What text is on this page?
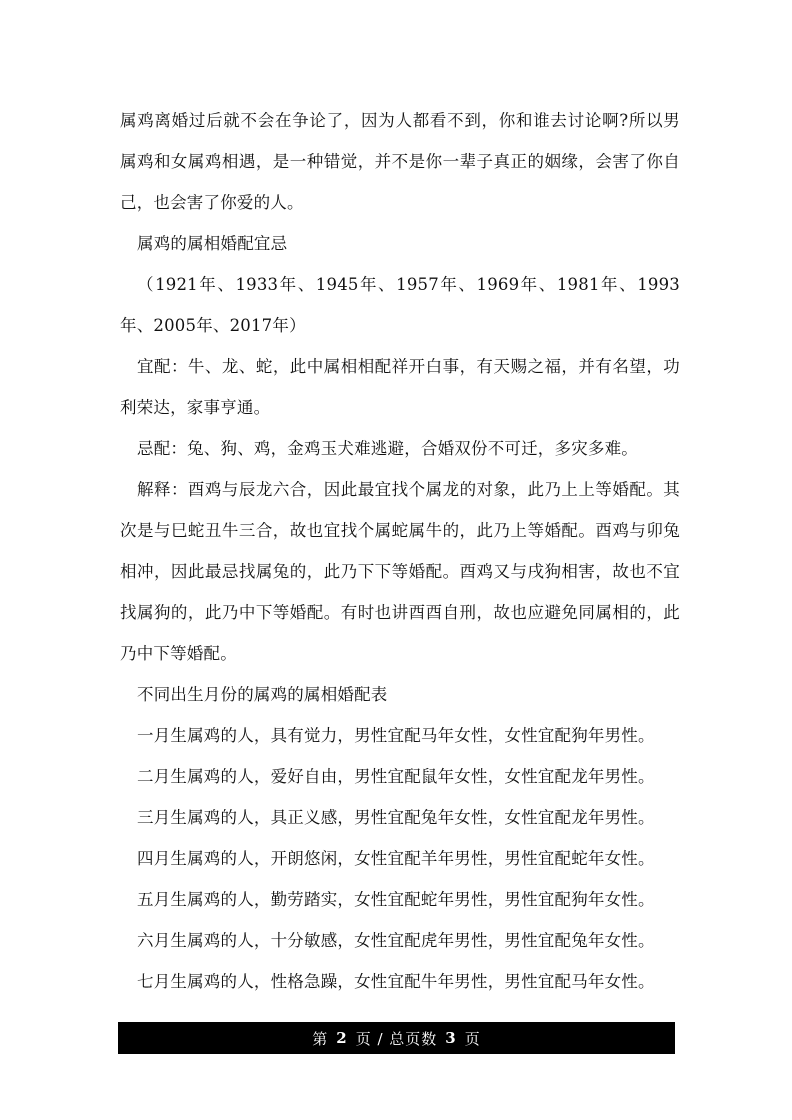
属鸡离婚过后就不会在争论了，因为人都看不到，你和谁去讨论啊?所以男属鸡和女属鸡相遇，是一种错觉，并不是你一辈子真正的姻缘，会害了你自己，也会害了你爱的人。

属鸡的属相婚配宜忌

（1921年、1933年、1945年、1957年、1969年、1981年、1993年、2005年、2017年）

宜配：牛、龙、蛇，此中属相相配祥开白事，有天赐之福，并有名望，功利荣达，家事亨通。

忌配：兔、狗、鸡，金鸡玉犬难逃避，合婚双份不可迁，多灾多难。

解释：酉鸡与辰龙六合，因此最宜找个属龙的对象，此乃上上等婚配。其次是与巳蛇丑牛三合，故也宜找个属蛇属牛的，此乃上等婚配。酉鸡与卯兔相冲，因此最忌找属兔的，此乃下下等婚配。酉鸡又与戌狗相害，故也不宜找属狗的，此乃中下等婚配。有时也讲酉酉自刑，故也应避免同属相的，此乃中下等婚配。

不同出生月份的属鸡的属相婚配表

一月生属鸡的人，具有觉力，男性宜配马年女性，女性宜配狗年男性。

二月生属鸡的人，爱好自由，男性宜配鼠年女性，女性宜配龙年男性。

三月生属鸡的人，具正义感，男性宜配兔年女性，女性宜配龙年男性。

四月生属鸡的人，开朗悠闲，女性宜配羊年男性，男性宜配蛇年女性。

五月生属鸡的人，勤劳踏实，女性宜配蛇年男性，男性宜配狗年女性。

六月生属鸡的人，十分敏感，女性宜配虎年男性，男性宜配兔年女性。

七月生属鸡的人，性格急躁，女性宜配牛年男性，男性宜配马年女性。

第 2 页 / 总页数 3 页
